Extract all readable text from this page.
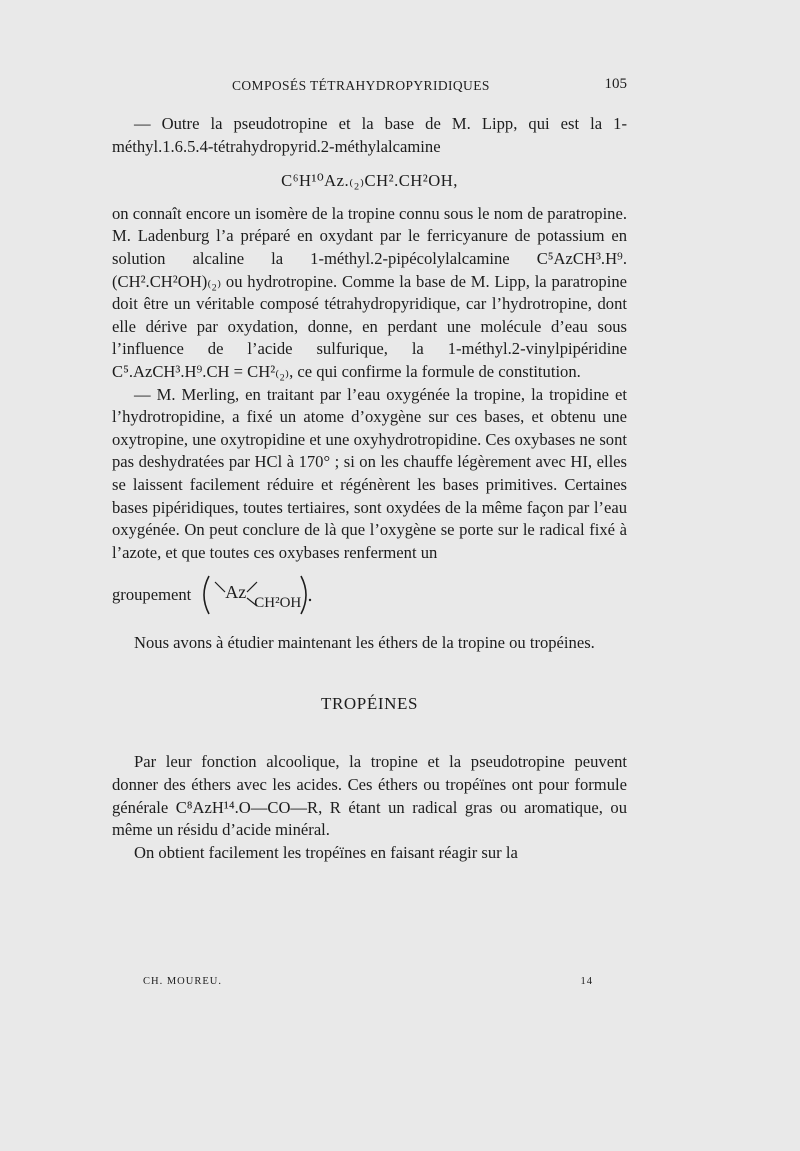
COMPOSÉS TÉTRAHYDROPYRIDIQUES	105

— Outre la pseudotropine et la base de M. Lipp, qui est la 1-méthyl.1.6.5.4-tétrahydropyrid.2-méthylalcamine

C⁶H¹⁰Az.₍₂₎CH².CH²OH,

on connaît encore un isomère de la tropine connu sous le nom de paratropine. M. Ladenburg l’a préparé en oxydant par le ferricyanure de potassium en solution alcaline la 1-méthyl.2-pipécolylalcamine C⁵AzCH³.H⁹.(CH².CH²OH)₍₂₎ ou hydrotropine. Comme la base de M. Lipp, la paratropine doit être un véritable composé tétrahydropyridique, car l’hydrotropine, dont elle dérive par oxydation, donne, en perdant une molécule d’eau sous l’influence de l’acide sulfurique, la 1-méthyl.2-vinylpipéridine C⁵.AzCH³.H⁹.CH = CH²₍₂₎, ce qui confirme la formule de constitution.

— M. Merling, en traitant par l’eau oxygénée la tropine, la tropidine et l’hydrotropidine, a fixé un atome d’oxygène sur ces bases, et obtenu une oxytropine, une oxytropidine et une oxyhydrotropidine. Ces oxybases ne sont pas deshydratées par HCl à 170° ; si on les chauffe légèrement avec HI, elles se laissent facilement réduire et régénèrent les bases primitives. Certaines bases pipéridiques, toutes tertiaires, sont oxydées de la même façon par l’eau oxygénée. On peut conclure de là que l’oxygène se porte sur le radical fixé à l’azote, et que toutes ces oxybases renferment un

groupement Az
CH²OH

Nous avons à étudier maintenant les éthers de la tropine ou tropéines.

TROPÉINES

Par leur fonction alcoolique, la tropine et la pseudotropine peuvent donner des éthers avec les acides. Ces éthers ou tropéïnes ont pour formule générale C⁸AzH¹⁴.O—CO—R, R étant un radical gras ou aromatique, ou même un résidu d’acide minéral.

On obtient facilement les tropéïnes en faisant réagir sur la

CH. MOUREU.	14
